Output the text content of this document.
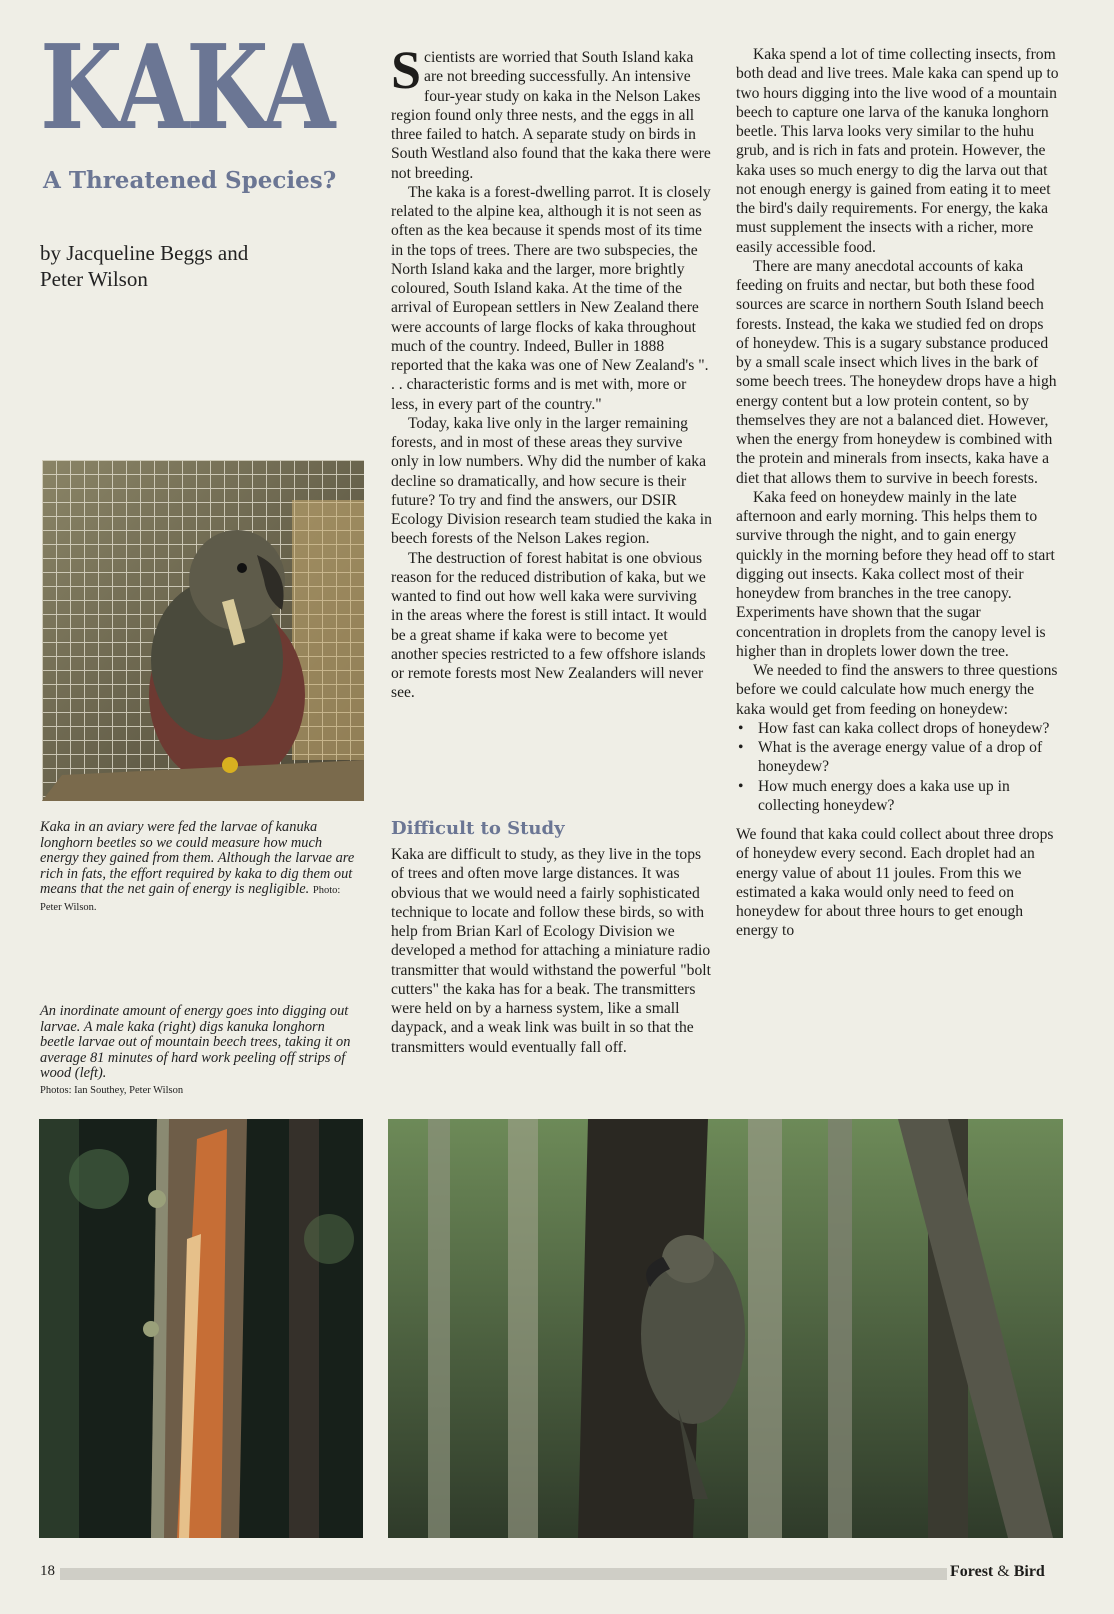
KAKA
A Threatened Species?
by Jacqueline Beggs and
Peter Wilson
Kaka in an aviary were fed the larvae of kanuka longhorn beetles so we could measure how much energy they gained from them. Although the larvae are rich in fats, the effort required by kaka to dig them out means that the net gain of energy is negligible. Photo: Peter Wilson.
An inordinate amount of energy goes into digging out larvae. A male kaka (right) digs kanuka longhorn beetle larvae out of mountain beech trees, taking it on average 81 minutes of hard work peeling off strips of wood (left).
Photos: Ian Southey, Peter Wilson

Scientists are worried that South Island kaka are not breeding successfully. An intensive four-year study on kaka in the Nelson Lakes region found only three nests, and the eggs in all three failed to hatch. A separate study on birds in South Westland also found that the kaka there were not breeding.

The kaka is a forest-dwelling parrot. It is closely related to the alpine kea, although it is not seen as often as the kea because it spends most of its time in the tops of trees. There are two subspecies, the North Island kaka and the larger, more brightly coloured, South Island kaka. At the time of the arrival of European settlers in New Zealand there were accounts of large flocks of kaka throughout much of the country. Indeed, Buller in 1888 reported that the kaka was one of New Zealand's ". . . characteristic forms and is met with, more or less, in every part of the country."

Today, kaka live only in the larger remaining forests, and in most of these areas they survive only in low numbers. Why did the number of kaka decline so dramatically, and how secure is their future? To try and find the answers, our DSIR Ecology Division research team studied the kaka in beech forests of the Nelson Lakes region.

The destruction of forest habitat is one obvious reason for the reduced distribution of kaka, but we wanted to find out how well kaka were surviving in the areas where the forest is still intact. It would be a great shame if kaka were to become yet another species restricted to a few offshore islands or remote forests most New Zealanders will never see.

Difficult to Study

Kaka are difficult to study, as they live in the tops of trees and often move large distances. It was obvious that we would need a fairly sophisticated technique to locate and follow these birds, so with help from Brian Karl of Ecology Division we developed a method for attaching a miniature radio transmitter that would withstand the powerful "bolt cutters" the kaka has for a beak. The transmitters were held on by a harness system, like a small daypack, and a weak link was built in so that the transmitters would eventually fall off.

Kaka spend a lot of time collecting insects, from both dead and live trees. Male kaka can spend up to two hours digging into the live wood of a mountain beech to capture one larva of the kanuka longhorn beetle. This larva looks very similar to the huhu grub, and is rich in fats and protein. However, the kaka uses so much energy to dig the larva out that not enough energy is gained from eating it to meet the bird's daily requirements. For energy, the kaka must supplement the insects with a richer, more easily accessible food.

There are many anecdotal accounts of kaka feeding on fruits and nectar, but both these food sources are scarce in northern South Island beech forests. Instead, the kaka we studied fed on drops of honeydew. This is a sugary substance produced by a small scale insect which lives in the bark of some beech trees. The honeydew drops have a high energy content but a low protein content, so by themselves they are not a balanced diet. However, when the energy from honeydew is combined with the protein and minerals from insects, kaka have a diet that allows them to survive in beech forests.

Kaka feed on honeydew mainly in the late afternoon and early morning. This helps them to survive through the night, and to gain energy quickly in the morning before they head off to start digging out insects. Kaka collect most of their honeydew from branches in the tree canopy. Experiments have shown that the sugar concentration in droplets from the canopy level is higher than in droplets lower down the tree.

We needed to find the answers to three questions before we could calculate how much energy the kaka would get from feeding on honeydew:

• How fast can kaka collect drops of honeydew?
• What is the average energy value of a drop of honeydew?
• How much energy does a kaka use up in collecting honeydew?

We found that kaka could collect about three drops of honeydew every second. Each droplet had an energy value of about 11 joules. From this we estimated a kaka would only need to feed on honeydew for about three hours to get enough energy to

18	Forest & Bird
